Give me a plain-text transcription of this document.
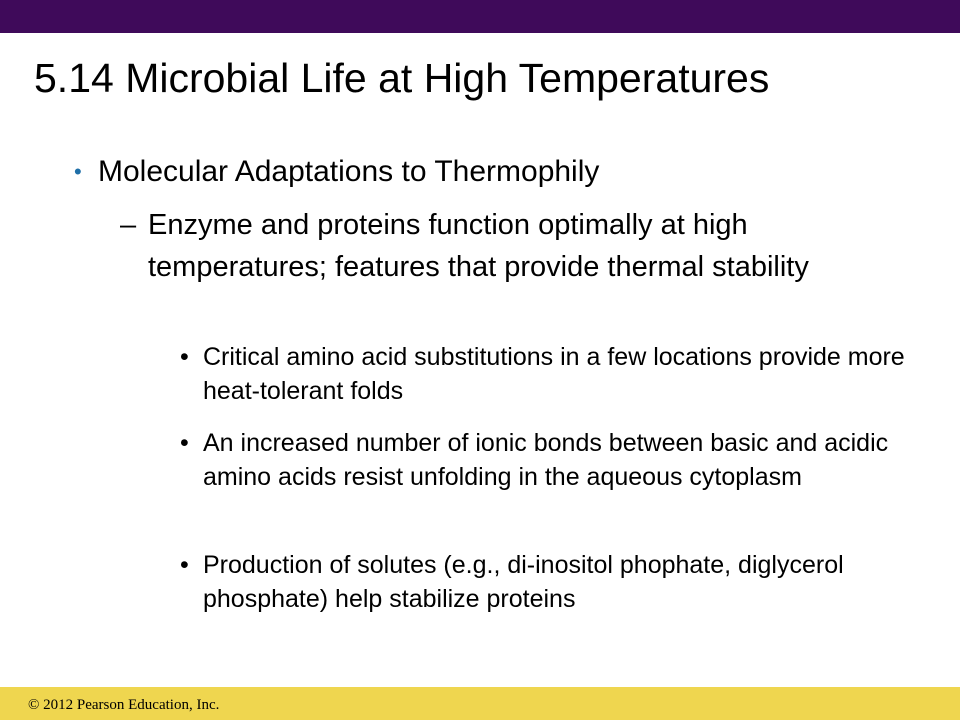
5.14 Microbial Life at High Temperatures
• Molecular Adaptations to Thermophily
– Enzyme and proteins function optimally at high temperatures; features that provide thermal stability
• Critical amino acid substitutions in a few locations provide more heat-tolerant folds
• An increased number of ionic bonds between basic and acidic amino acids resist unfolding in the aqueous cytoplasm
• Production of solutes (e.g., di-inositol phophate, diglycerol phosphate) help stabilize proteins
© 2012 Pearson Education, Inc.
